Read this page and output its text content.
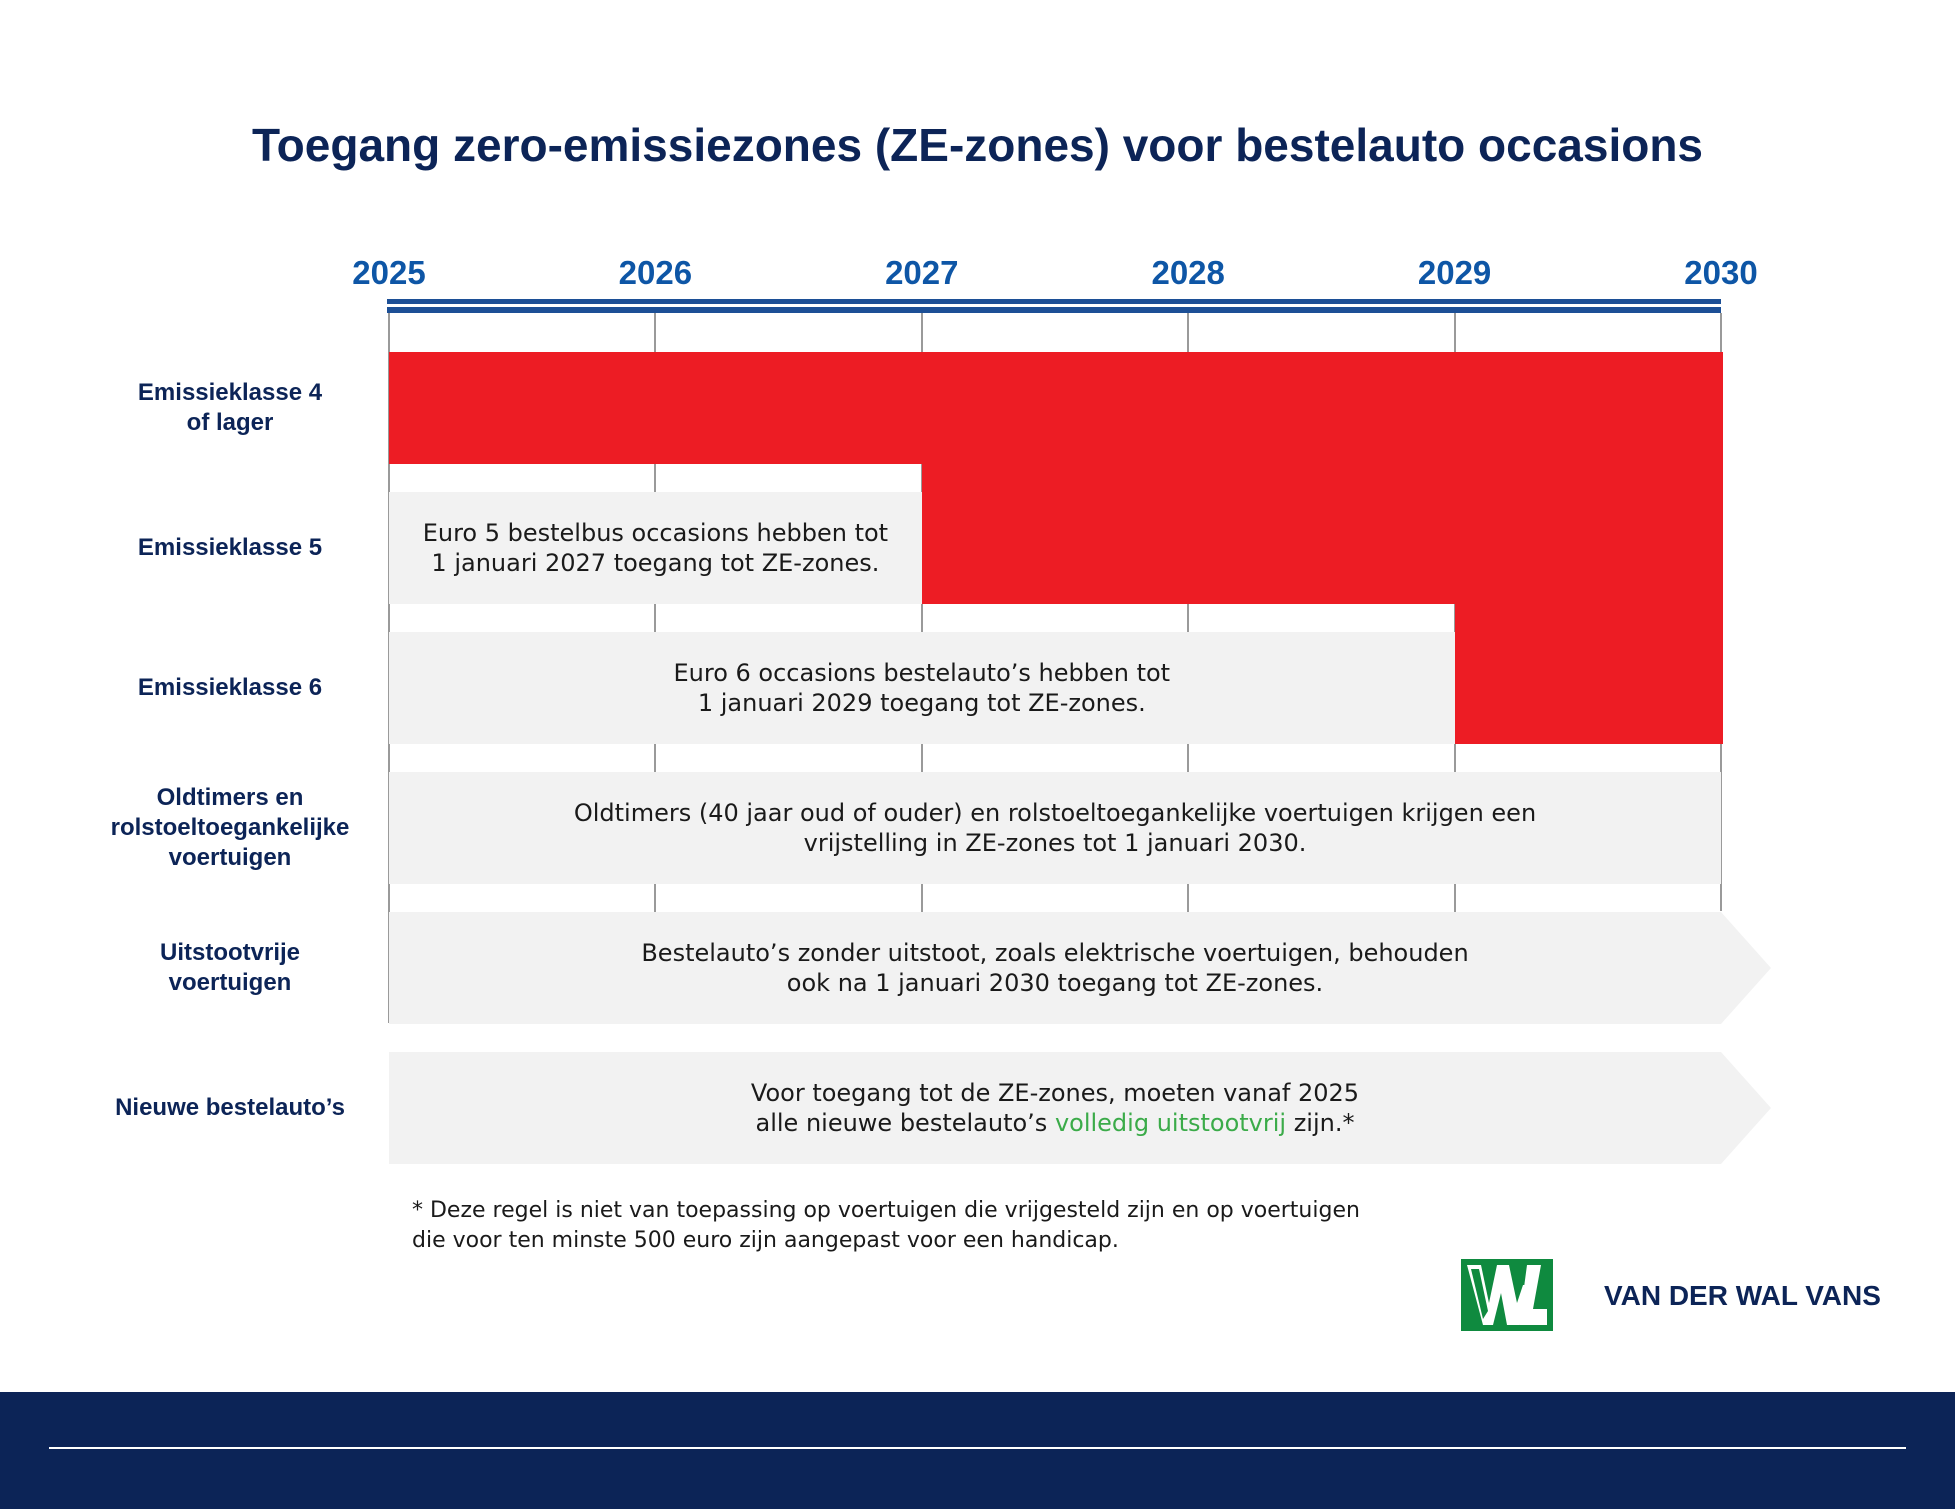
Toegang zero-emissiezones (ZE-zones) voor bestelauto occasions
2025	2026	2027	2028	2029	2030
Emissieklasse 4
of lager
Emissieklasse 5
Emissieklasse 6
Oldtimers en
rolstoeltoegankelijke
voertuigen
Uitstootvrije
voertuigen
Nieuwe bestelauto’s
Euro 5 bestelbus occasions hebben tot
1 januari 2027 toegang tot ZE-zones.
Euro 6 occasions bestelauto’s hebben tot
1 januari 2029 toegang tot ZE-zones.
Oldtimers (40 jaar oud of ouder) en rolstoeltoegankelijke voertuigen krijgen een
vrijstelling in ZE-zones tot 1 januari 2030.
Bestelauto’s zonder uitstoot, zoals elektrische voertuigen, behouden
ook na 1 januari 2030 toegang tot ZE-zones.
Voor toegang tot de ZE-zones, moeten vanaf 2025
alle nieuwe bestelauto’s volledig uitstootvrij zijn.*
* Deze regel is niet van toepassing op voertuigen die vrijgesteld zijn en op voertuigen
die voor ten minste 500 euro zijn aangepast voor een handicap.
VAN DER WAL VANS
